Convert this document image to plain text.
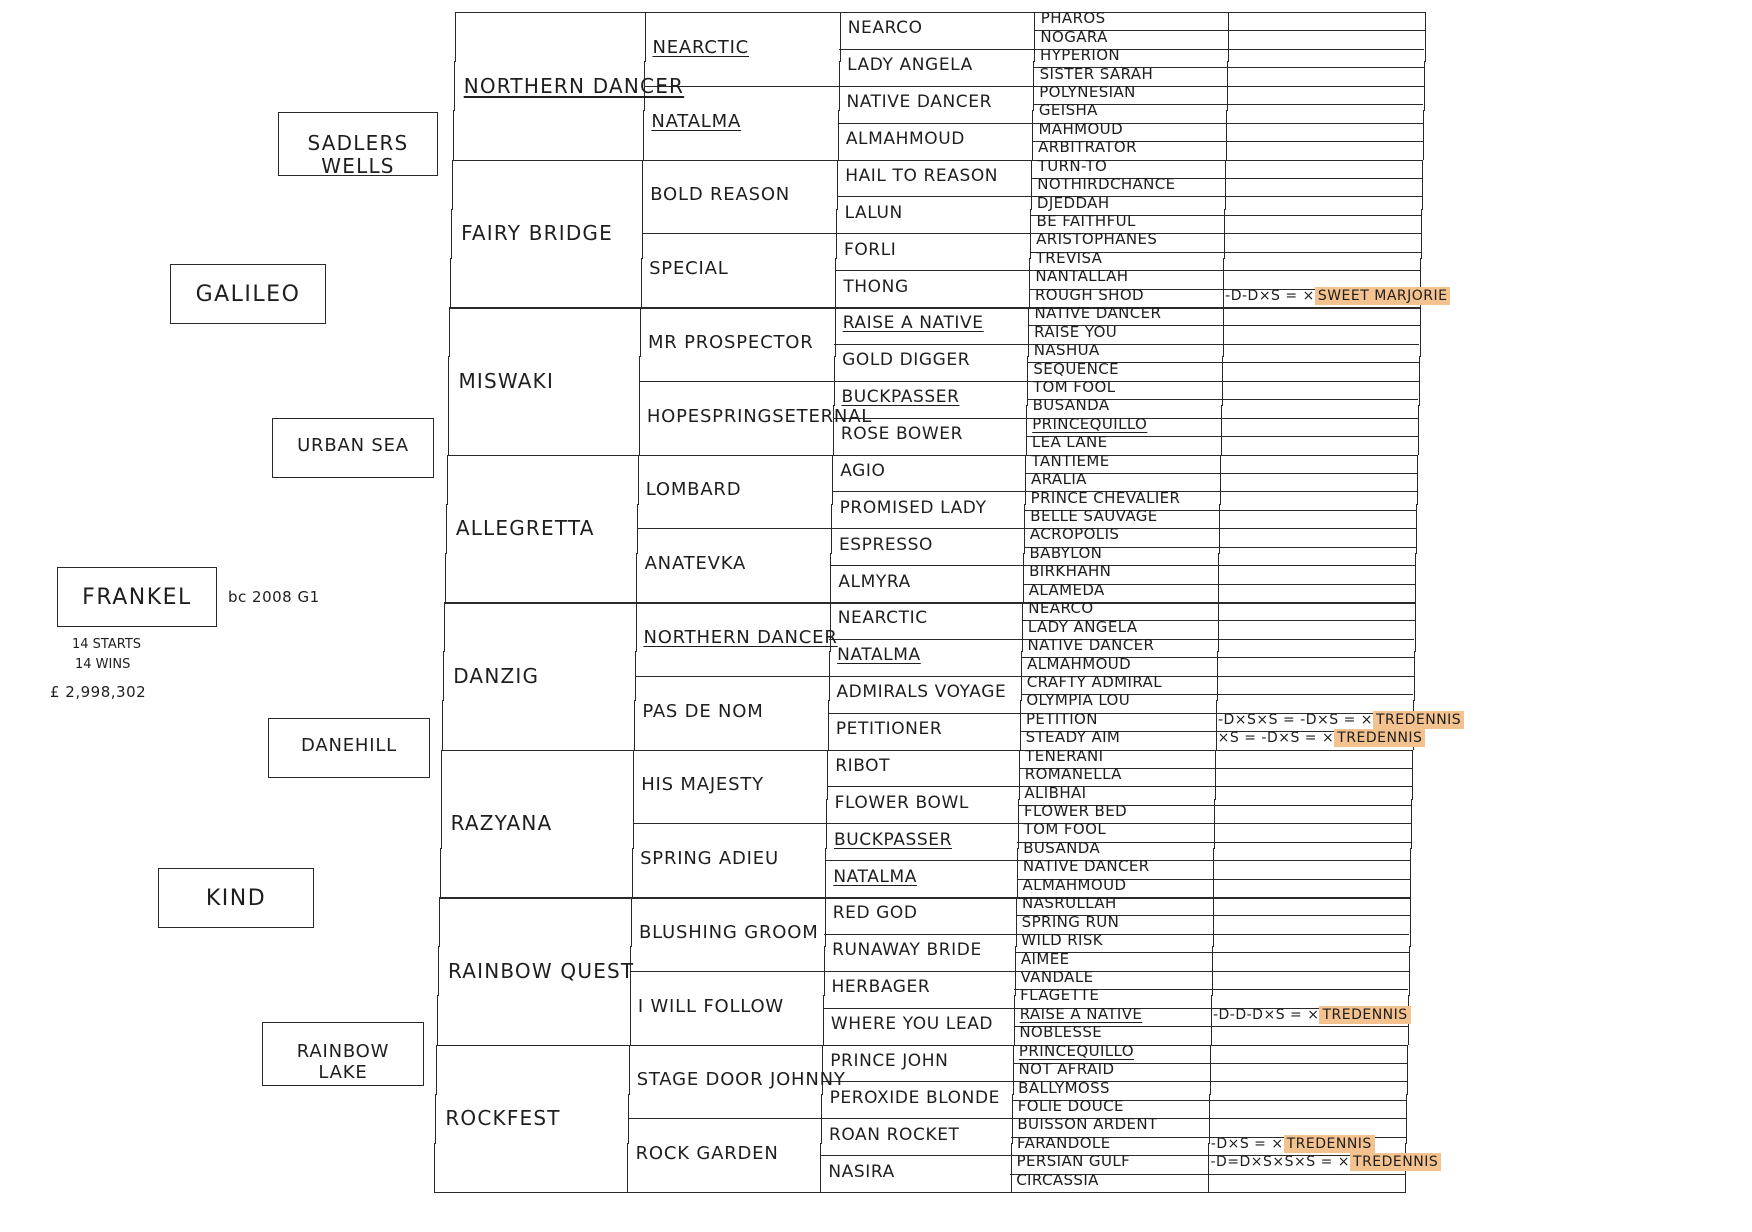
NORTHERN DANCER
FAIRY BRIDGE
MISWAKI
ALLEGRETTA
DANZIG
RAZYANA
RAINBOW QUEST
ROCKFEST
NEARCTIC
NATALMA
BOLD REASON
SPECIAL
MR PROSPECTOR
HOPESPRINGSETERNAL
LOMBARD
ANATEVKA
NORTHERN DANCER
PAS DE NOM
HIS MAJESTY
SPRING ADIEU
BLUSHING GROOM
I WILL FOLLOW
STAGE DOOR JOHNNY
ROCK GARDEN
NEARCO
LADY ANGELA
NATIVE DANCER
ALMAHMOUD
HAIL TO REASON
LALUN
FORLI
THONG
RAISE A NATIVE
GOLD DIGGER
BUCKPASSER
ROSE BOWER
AGIO
PROMISED LADY
ESPRESSO
ALMYRA
NEARCTIC
NATALMA
ADMIRALS VOYAGE
PETITIONER
RIBOT
FLOWER BOWL
BUCKPASSER
NATALMA
RED GOD
RUNAWAY BRIDE
HERBAGER
WHERE YOU LEAD
PRINCE JOHN
PEROXIDE BLONDE
ROAN ROCKET
NASIRA
PHAROS
NOGARA
HYPERION
SISTER SARAH
POLYNESIAN
GEISHA
MAHMOUD
ARBITRATOR
TURN-TO
NOTHIRDCHANCE
DJEDDAH
BE FAITHFUL
ARISTOPHANES
TREVISA
NANTALLAH
ROUGH SHOD
NATIVE DANCER
RAISE YOU
NASHUA
SEQUENCE
TOM FOOL
BUSANDA
PRINCEQUILLO
LEA LANE
TANTIEME
ARALIA
PRINCE CHEVALIER
BELLE SAUVAGE
ACROPOLIS
BABYLON
BIRKHAHN
ALAMEDA
NEARCO
LADY ANGELA
NATIVE DANCER
ALMAHMOUD
CRAFTY ADMIRAL
OLYMPIA LOU
PETITION
STEADY AIM
TENERANI
ROMANELLA
ALIBHAI
FLOWER BED
TOM FOOL
BUSANDA
NATIVE DANCER
ALMAHMOUD
NASRULLAH
SPRING RUN
WILD RISK
AIMEE
VANDALE
FLAGETTE
RAISE A NATIVE
NOBLESSE
PRINCEQUILLO
NOT AFRAID
BALLYMOSS
FOLIE DOUCE
BUISSON ARDENT
FARANDOLE
PERSIAN GULF
CIRCASSIA
SADLERS WELLS
URBAN SEA
DANEHILL
RAINBOW LAKE
GALILEO
KIND
FRANKEL	bc 2008 G1
14 STARTS
14 WINS
£ 2,998,302
-D-D×S = × SWEET MARJORIE
-D×S×S = -D×S = × TREDENNIS
×S = -D×S = × TREDENNIS
-D-D-D×S = × TREDENNIS
-D×S = × TREDENNIS
-D=D×S×S×S = × TREDENNIS
